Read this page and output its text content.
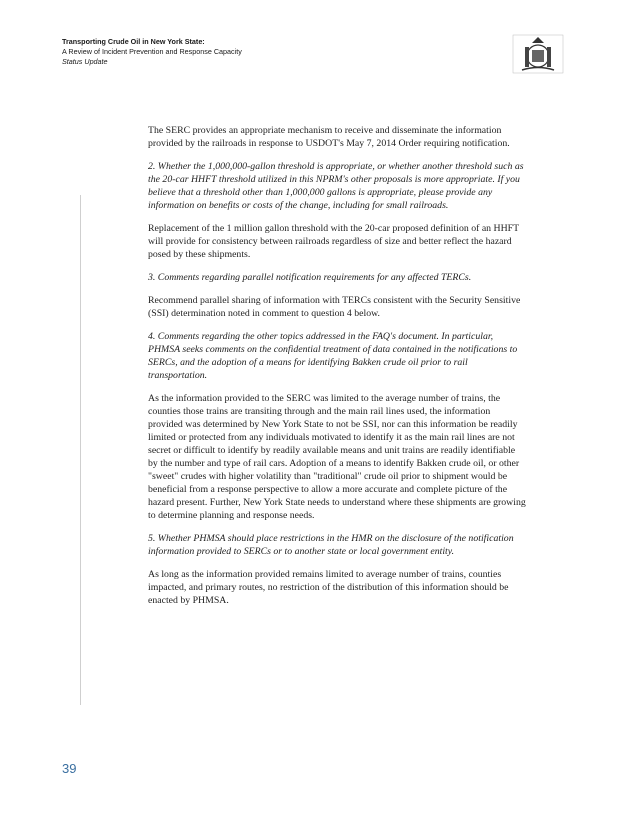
Transporting Crude Oil in New York State:
A Review of Incident Prevention and Response Capacity
Status Update

The SERC provides an appropriate mechanism to receive and disseminate the information provided by the railroads in response to USDOT's May 7, 2014 Order requiring notification.

2. Whether the 1,000,000-gallon threshold is appropriate, or whether another threshold such as the 20-car HHFT threshold utilized in this NPRM's other proposals is more appropriate. If you believe that a threshold other than 1,000,000 gallons is appropriate, please provide any information on benefits or costs of the change, including for small railroads.

Replacement of the 1 million gallon threshold with the 20-car proposed definition of an HHFT will provide for consistency between railroads regardless of size and better reflect the hazard posed by these shipments.

3. Comments regarding parallel notification requirements for any affected TERCs.

Recommend parallel sharing of information with TERCs consistent with the Security Sensitive (SSI) determination noted in comment to question 4 below.

4. Comments regarding the other topics addressed in the FAQ's document. In particular, PHMSA seeks comments on the confidential treatment of data contained in the notifications to SERCs, and the adoption of a means for identifying Bakken crude oil prior to rail transportation.

As the information provided to the SERC was limited to the average number of trains, the counties those trains are transiting through and the main rail lines used, the information provided was determined by New York State to not be SSI, nor can this information be readily limited or protected from any individuals motivated to identify it as the main rail lines are not secret or difficult to identify by readily available means and unit trains are readily identifiable by the number and type of rail cars. Adoption of a means to identify Bakken crude oil, or other "sweet" crudes with higher volatility than "traditional" crude oil prior to shipment would be beneficial from a response perspective to allow a more accurate and complete picture of the hazard present. Further, New York State needs to understand where these shipments are growing to determine planning and response needs.

5. Whether PHMSA should place restrictions in the HMR on the disclosure of the notification information provided to SERCs or to another state or local government entity.

As long as the information provided remains limited to average number of trains, counties impacted, and primary routes, no restriction of the distribution of this information should be enacted by PHMSA.

39
